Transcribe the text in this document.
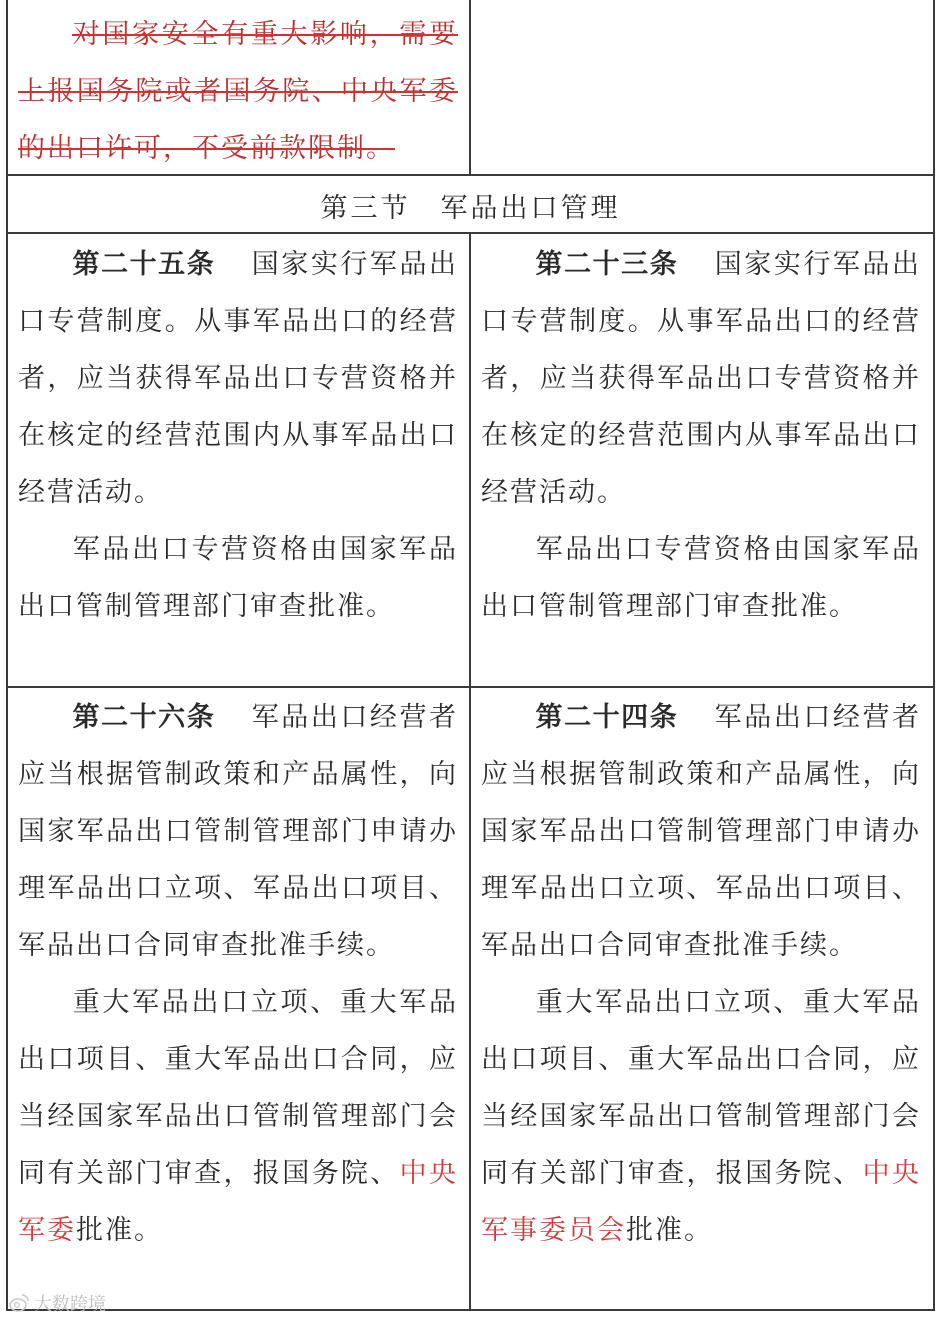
对国家安全有重大影响，需要上报国务院或者国务院、中央军委的出口许可，不受前款限制。
第三节 军品出口管理
第二十五条 国家实行军品出口专营制度。从事军品出口的经营者，应当获得军品出口专营资格并在核定的经营范围内从事军品出口经营活动。
军品出口专营资格由国家军品出口管制管理部门审查批准。
第二十三条 国家实行军品出口专营制度。从事军品出口的经营者，应当获得军品出口专营资格并在核定的经营范围内从事军品出口经营活动。
军品出口专营资格由国家军品出口管制管理部门审查批准。
第二十六条 军品出口经营者应当根据管制政策和产品属性，向国家军品出口管制管理部门申请办理军品出口立项、军品出口项目、军品出口合同审查批准手续。
重大军品出口立项、重大军品出口项目、重大军品出口合同，应当经国家军品出口管制管理部门会同有关部门审查，报国务院、中央军委批准。
第二十四条 军品出口经营者应当根据管制政策和产品属性，向国家军品出口管制管理部门申请办理军品出口立项、军品出口项目、军品出口合同审查批准手续。
重大军品出口立项、重大军品出口项目、重大军品出口合同，应当经国家军品出口管制管理部门会同有关部门审查，报国务院、中央军事委员会批准。
大数跨境
